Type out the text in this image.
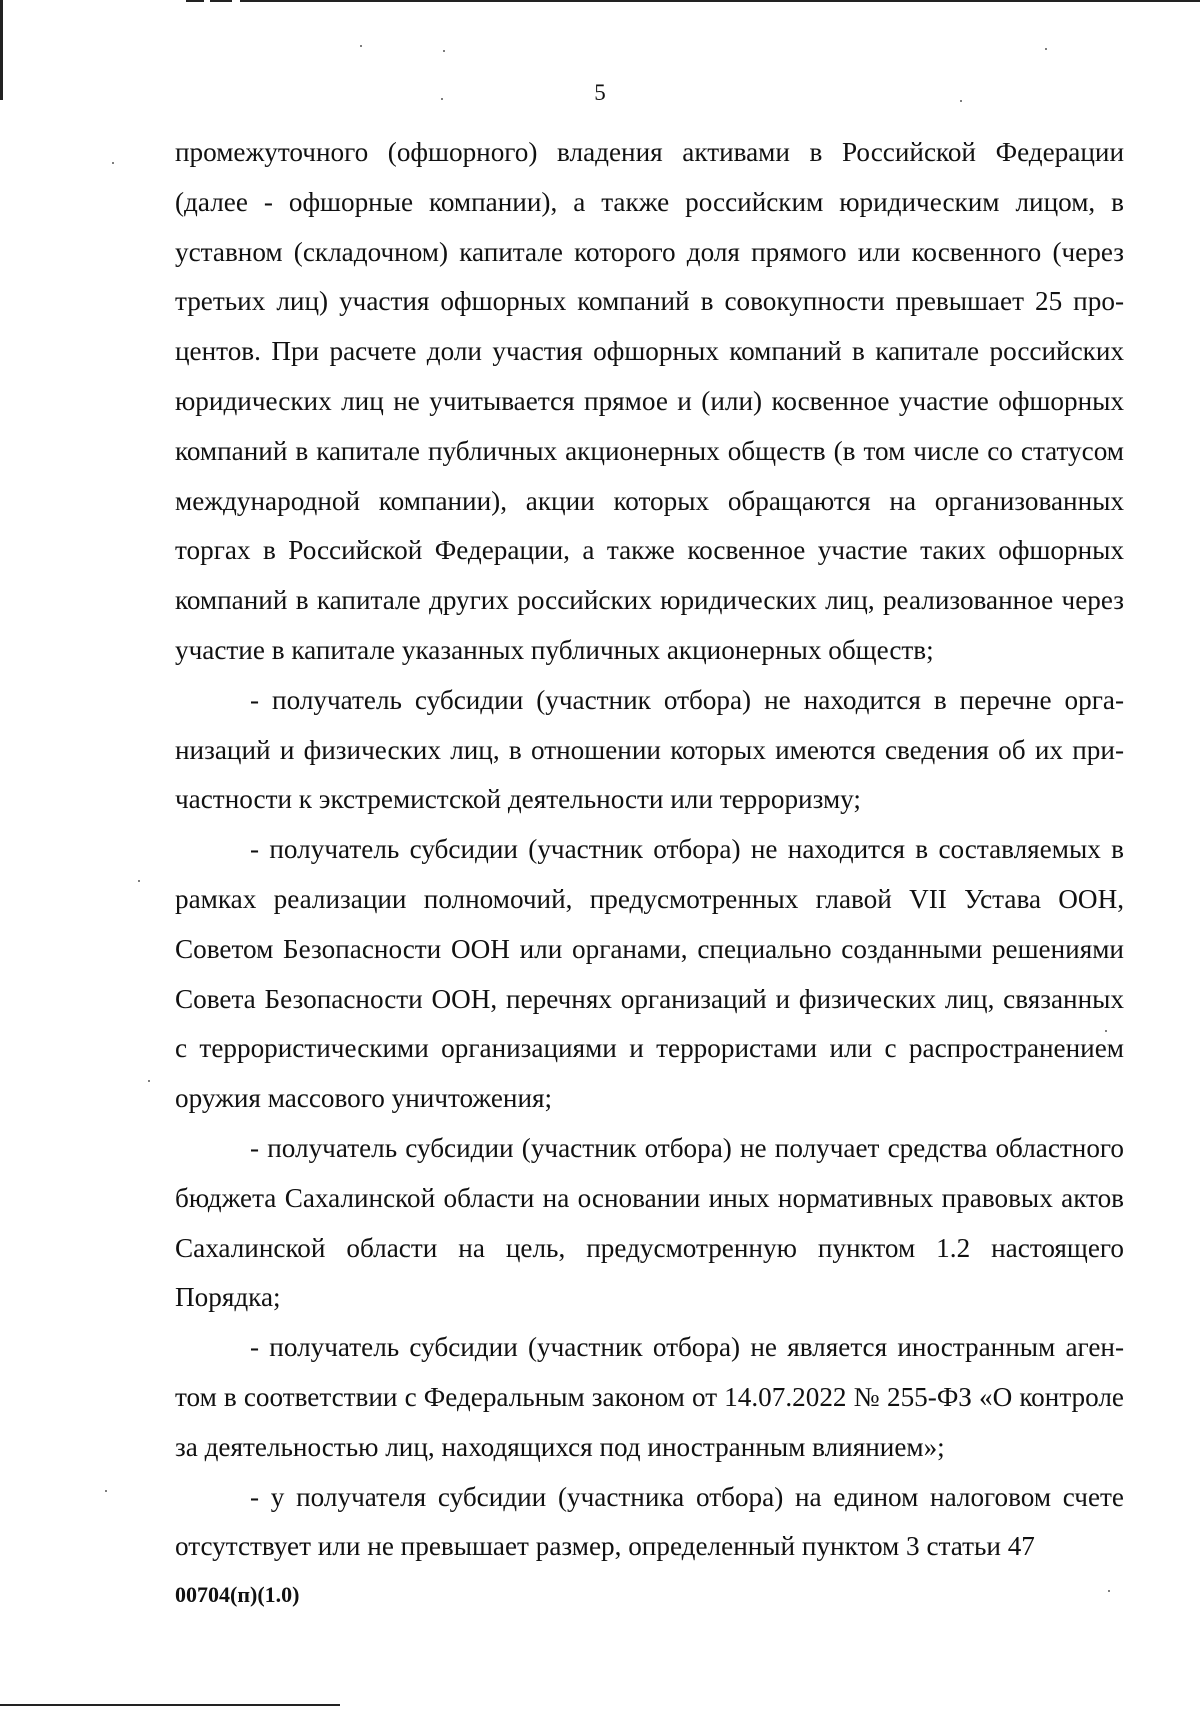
5

промежуточного (офшорного) владения активами в Российской Федерации (далее - офшорные компании), а также российским юридическим лицом, в уставном (складочном) капитале которого доля прямого или косвенного (через третьих лиц) участия офшорных компаний в совокупности превышает 25 процентов. При расчете доли участия офшорных компаний в капитале российских юридических лиц не учитывается прямое и (или) косвенное участие офшорных компаний в капитале публичных акционерных обществ (в том числе со статусом международной компании), акции которых обращаются на организованных торгах в Российской Федерации, а также косвенное участие таких офшорных компаний в капитале других российских юридических лиц, реализованное через участие в капитале указанных публичных акционерных обществ;

- получатель субсидии (участник отбора) не находится в перечне организаций и физических лиц, в отношении которых имеются сведения об их причастности к экстремистской деятельности или терроризму;

- получатель субсидии (участник отбора) не находится в составляемых в рамках реализации полномочий, предусмотренных главой VII Устава ООН, Советом Безопасности ООН или органами, специально созданными решениями Совета Безопасности ООН, перечнях организаций и физических лиц, связанных с террористическими организациями и террористами или с распространением оружия массового уничтожения;

- получатель субсидии (участник отбора) не получает средства областного бюджета Сахалинской области на основании иных нормативных правовых актов Сахалинской области на цель, предусмотренную пунктом 1.2 настоящего Порядка;

- получатель субсидии (участник отбора) не является иностранным агентом в соответствии с Федеральным законом от 14.07.2022 № 255-ФЗ «О контроле за деятельностью лиц, находящихся под иностранным влиянием»;

- у получателя субсидии (участника отбора) на едином налоговом счете отсутствует или не превышает размер, определенный пунктом 3 статьи 47

00704(п)(1.0)
